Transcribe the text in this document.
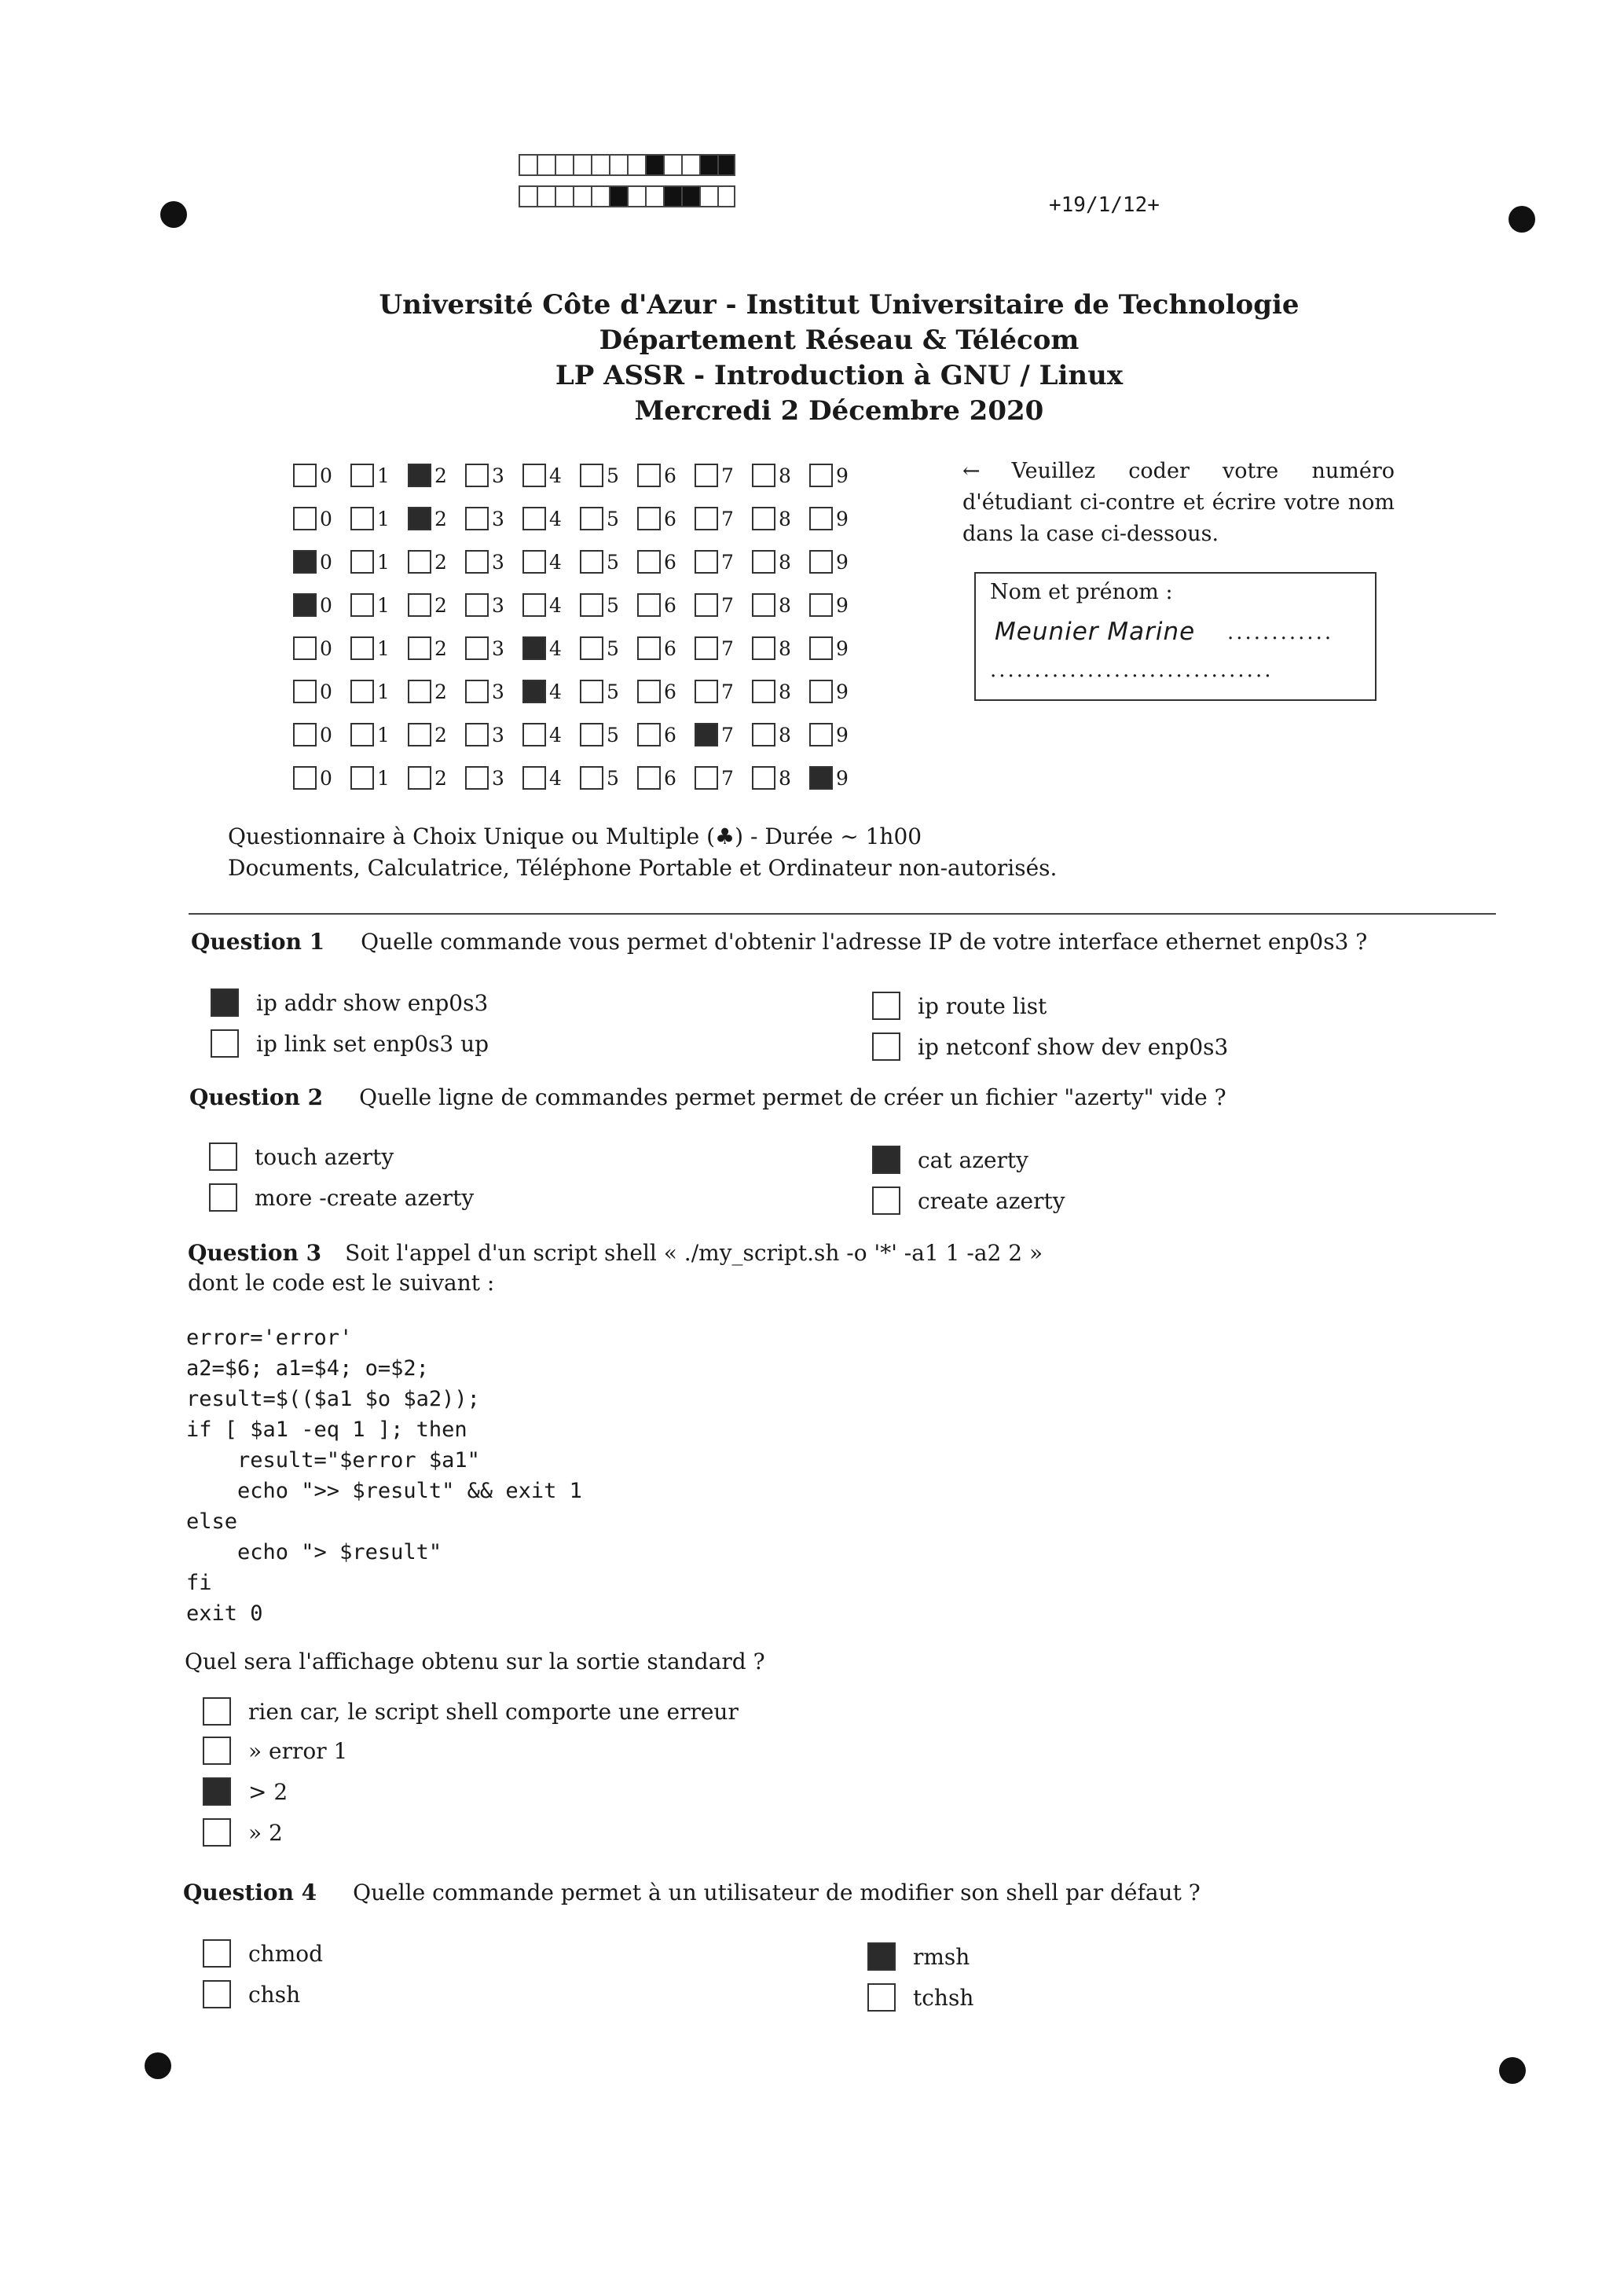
+19/1/12+
Université Côte d'Azur - Institut Universitaire de Technologie
Département Réseau & Télécom
LP ASSR - Introduction à GNU / Linux
Mercredi 2 Décembre 2020
0 1 2 3 4 5 6 7 8 9
0 1 2 3 4 5 6 7 8 9
0 1 2 3 4 5 6 7 8 9
0 1 2 3 4 5 6 7 8 9
0 1 2 3 4 5 6 7 8 9
0 1 2 3 4 5 6 7 8 9
0 1 2 3 4 5 6 7 8 9
0 1 2 3 4 5 6 7 8 9
← Veuillez coder votre numéro d'étudiant ci-contre et écrire votre nom dans la case ci-dessous.
Nom et prénom :
Meunier Marine ............
................................
Questionnaire à Choix Unique ou Multiple (♣) - Durée ~ 1h00
Documents, Calculatrice, Téléphone Portable et Ordinateur non-autorisés.
Question 1 Quelle commande vous permet d'obtenir l'adresse IP de votre interface ethernet enp0s3 ?
ip addr show enp0s3	ip route list
ip link set enp0s3 up	ip netconf show dev enp0s3
Question 2 Quelle ligne de commandes permet permet de créer un fichier "azerty" vide ?
touch azerty	cat azerty
more -create azerty	create azerty
Question 3 Soit l'appel d'un script shell « ./my_script.sh -o '*' -a1 1 -a2 2 »
dont le code est le suivant :
error='error'
a2=$6; a1=$4; o=$2;
result=$(($a1 $o $a2));
if [ $a1 -eq 1 ]; then
result="$error $a1"
echo ">> $result" && exit 1
else
echo "> $result"
fi
exit 0
Quel sera l'affichage obtenu sur la sortie standard ?
rien car, le script shell comporte une erreur
» error 1
> 2
» 2
Question 4 Quelle commande permet à un utilisateur de modifier son shell par défaut ?
chmod	rmsh
chsh	tchsh
